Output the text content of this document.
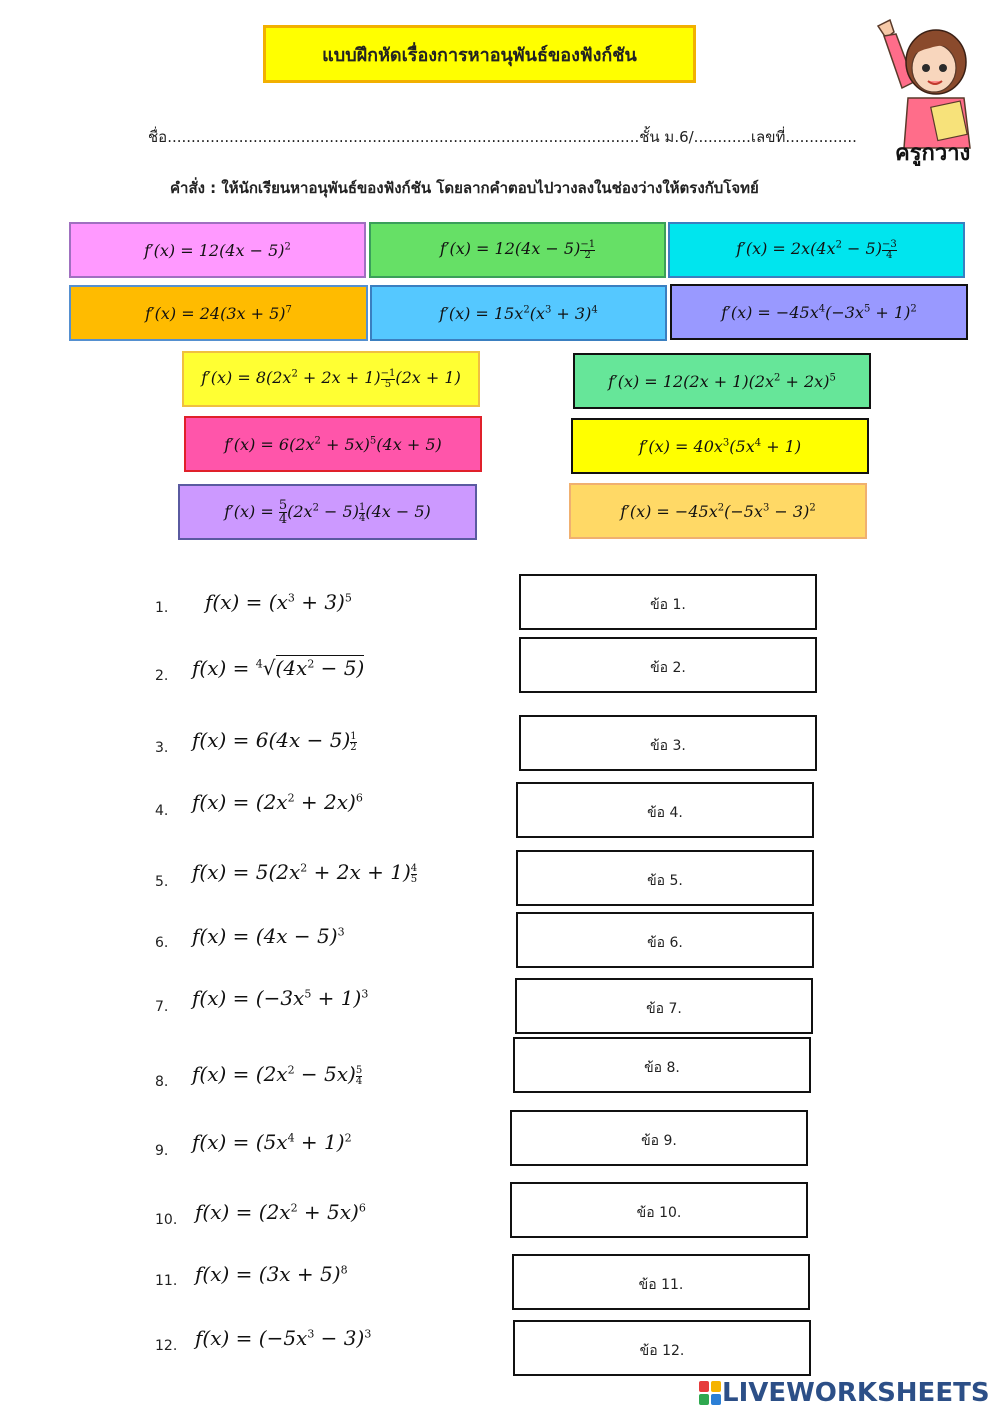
แบบฝึกหัดเรื่องการหาอนุพันธ์ของฟังก์ชัน
ชื่อ...................................................................................................ชั้น ม.6/............เลขที่...............
คำสั่ง : ให้นักเรียนหาอนุพันธ์ของฟังก์ชัน โดยลากคำตอบไปวางลงในช่องว่างให้ตรงกับโจทย์
ครูกวาง
$f'(x) = 12(4x - 5)^2$	$f'(x) = 12(4x - 5) \frac{-1}{2}$	$f'(x) = 2x(4x^2 - 5) \frac{-3}{4}$
$f'(x) = 24(3x + 5)^7$	$f'(x) = 15x^2(x^3 + 3)^4$	$f'(x) = -45x^4(-3x^5 + 1)^2$
$f'(x) = 8(2x^2 + 2x + 1) \frac{-1}{5} (2x + 1)$	$f'(x) = 12(2x + 1)(2x^2 + 2x)^5$
$f'(x) = 6(2x^2 + 5x)^5(4x + 5)$	$f'(x) = 40x^3(5x^4 + 1)$
$f'(x) = \frac{5}{4} (2x^2 - 5) \frac{1}{4} (4x - 5)$	$f'(x) = -45x^2(-5x^3 - 3)^2$
1. $f(x) = (x^3 + 3)^5$	ข้อ 1.
2. $f(x) = ^4√(4x^2 - 5)$	ข้อ 2.
3. $f(x) = 6(4x - 5) \frac{1}{2}$	ข้อ 3.
4. $f(x) = (2x^2 + 2x)^6$
ข้อ 4.
5. $f(x) = 5(2x^2 + 2x + 1) \frac{4}{5}$	ข้อ 5.
6. $f(x) = (4x - 5)^3$
ข้อ 6.
7. $f(x) = (-3x^5 + 1)^3$
ข้อ 7.
8. $f(x) = (2x^2 - 5x) \frac{5}{4}$	ข้อ 8.
9. $f(x) = (5x^4 + 1)^2$	ข้อ 9.
10. $f(x) = (2x^2 + 5x)^6$	ข้อ 10.
11. $f(x) = (3x + 5)^8$
ข้อ 11.
12. $f(x) = (-5x^3 - 3)^3$
ข้อ 12.
LIVEWORKSHEETS
